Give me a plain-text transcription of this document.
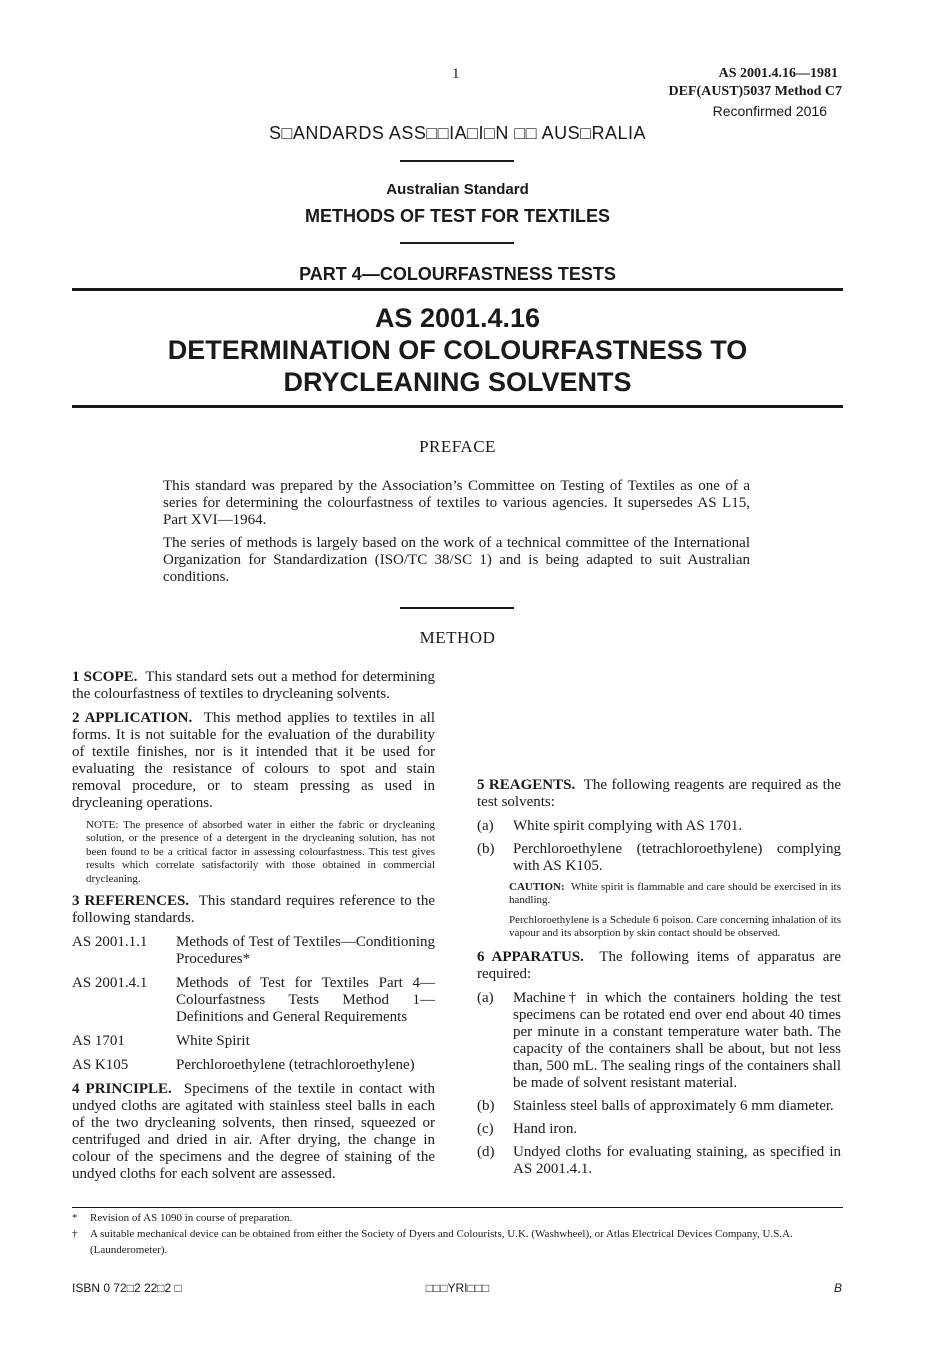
1	AS 2001.4.16—1981
DEF(AUST)5037 Method C7
Reconfirmed 2016
S□ANDARDS ASS□□IA□I□N □□ AUS□RALIA
Australian Standard
METHODS OF TEST FOR TEXTILES
PART 4—COLOURFASTNESS TESTS
AS 2001.4.16
DETERMINATION OF COLOURFASTNESS TO
DRYCLEANING SOLVENTS
PREFACE

This standard was prepared by the Association’s Committee on Testing of Textiles as one of a series for determining the colourfastness of textiles to various agencies. It supersedes AS L15, Part XVI—1964.

The series of methods is largely based on the work of a technical committee of the International Organization for Standardization (ISO/TC 38/SC 1) and is being adapted to suit Australian conditions.

METHOD

1 SCOPE. This standard sets out a method for determining the colourfastness of textiles to drycleaning solvents.

2 APPLICATION. This method applies to textiles in all forms. It is not suitable for the evaluation of the durability of textile finishes, nor is it intended that it be used for evaluating the resistance of colours to spot and stain removal procedure, or to steam pressing as used in drycleaning operations.

NOTE: The presence of absorbed water in either the fabric or drycleaning solution, or the presence of a detergent in the drycleaning solution, has not been found to be a critical factor in assessing colourfastness. This test gives results which correlate satisfactorily with those obtained in commercial drycleaning.

3 REFERENCES. This standard requires reference to the following standards.

AS 2001.1.1	Methods of Test of Textiles—Conditioning Procedures*
AS 2001.4.1	Methods of Test for Textiles Part 4—Colourfastness Tests Method 1—Definitions and General Requirements
AS 1701	White Spirit
AS K105	Perchloroethylene (tetrachloroethylene)

4 PRINCIPLE. Specimens of the textile in contact with undyed cloths are agitated with stainless steel balls in each of the two drycleaning solvents, then rinsed, squeezed or centrifuged and dried in air. After drying, the change in colour of the specimens and the degree of staining of the undyed cloths for each solvent are assessed.

5 REAGENTS. The following reagents are required as the test solvents:

(a)	White spirit complying with AS 1701.
(b)	Perchloroethylene (tetrachloroethylene) complying with AS K105.
CAUTION: White spirit is flammable and care should be exercised in its handling.
Perchloroethylene is a Schedule 6 poison. Care concerning inhalation of its vapour and its absorption by skin contact should be observed.

6 APPARATUS. The following items of apparatus are required:

(a)	Machine† in which the containers holding the test specimens can be rotated end over end about 40 times per minute in a constant temperature water bath. The capacity of the containers shall be about, but not less than, 500 mL. The sealing rings of the containers shall be made of solvent resistant material.
(b)	Stainless steel balls of approximately 6 mm diameter.
(c)	Hand iron.
(d)	Undyed cloths for evaluating staining, as specified in AS 2001.4.1.
*	Revision of AS 1090 in course of preparation.
†	A suitable mechanical device can be obtained from either the Society of Dyers and Colourists, U.K. (Washwheel), or Atlas Electrical Devices Company, U.S.A. (Launderometer).
ISBN 0 72□2 22□2 □	□□□YRI□□□	B
